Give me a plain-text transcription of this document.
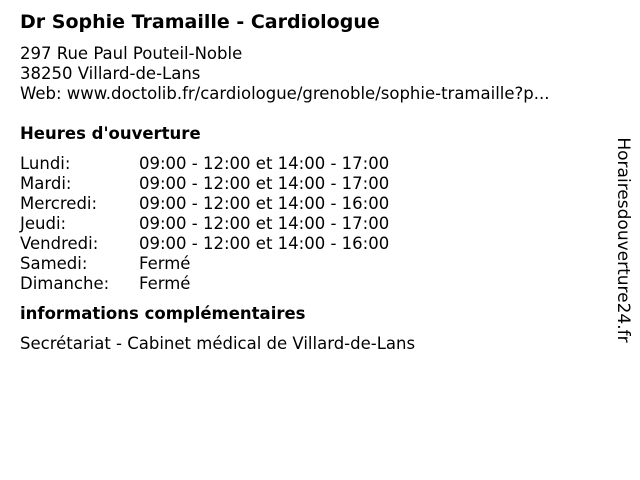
Dr Sophie Tramaille - Cardiologue
297 Rue Paul Pouteil-Noble
38250 Villard-de-Lans
Web: www.doctolib.fr/cardiologue/grenoble/sophie-tramaille?p...
Heures d'ouverture
Lundi:	09:00 - 12:00 et 14:00 - 17:00
Mardi:	09:00 - 12:00 et 14:00 - 17:00
Mercredi:	09:00 - 12:00 et 14:00 - 16:00
Jeudi:	09:00 - 12:00 et 14:00 - 17:00
Vendredi:	09:00 - 12:00 et 14:00 - 16:00
Samedi:	Fermé
Dimanche:	Fermé
informations complémentaires
Secrétariat - Cabinet médical de Villard-de-Lans
Horairesdouverture24.fr
